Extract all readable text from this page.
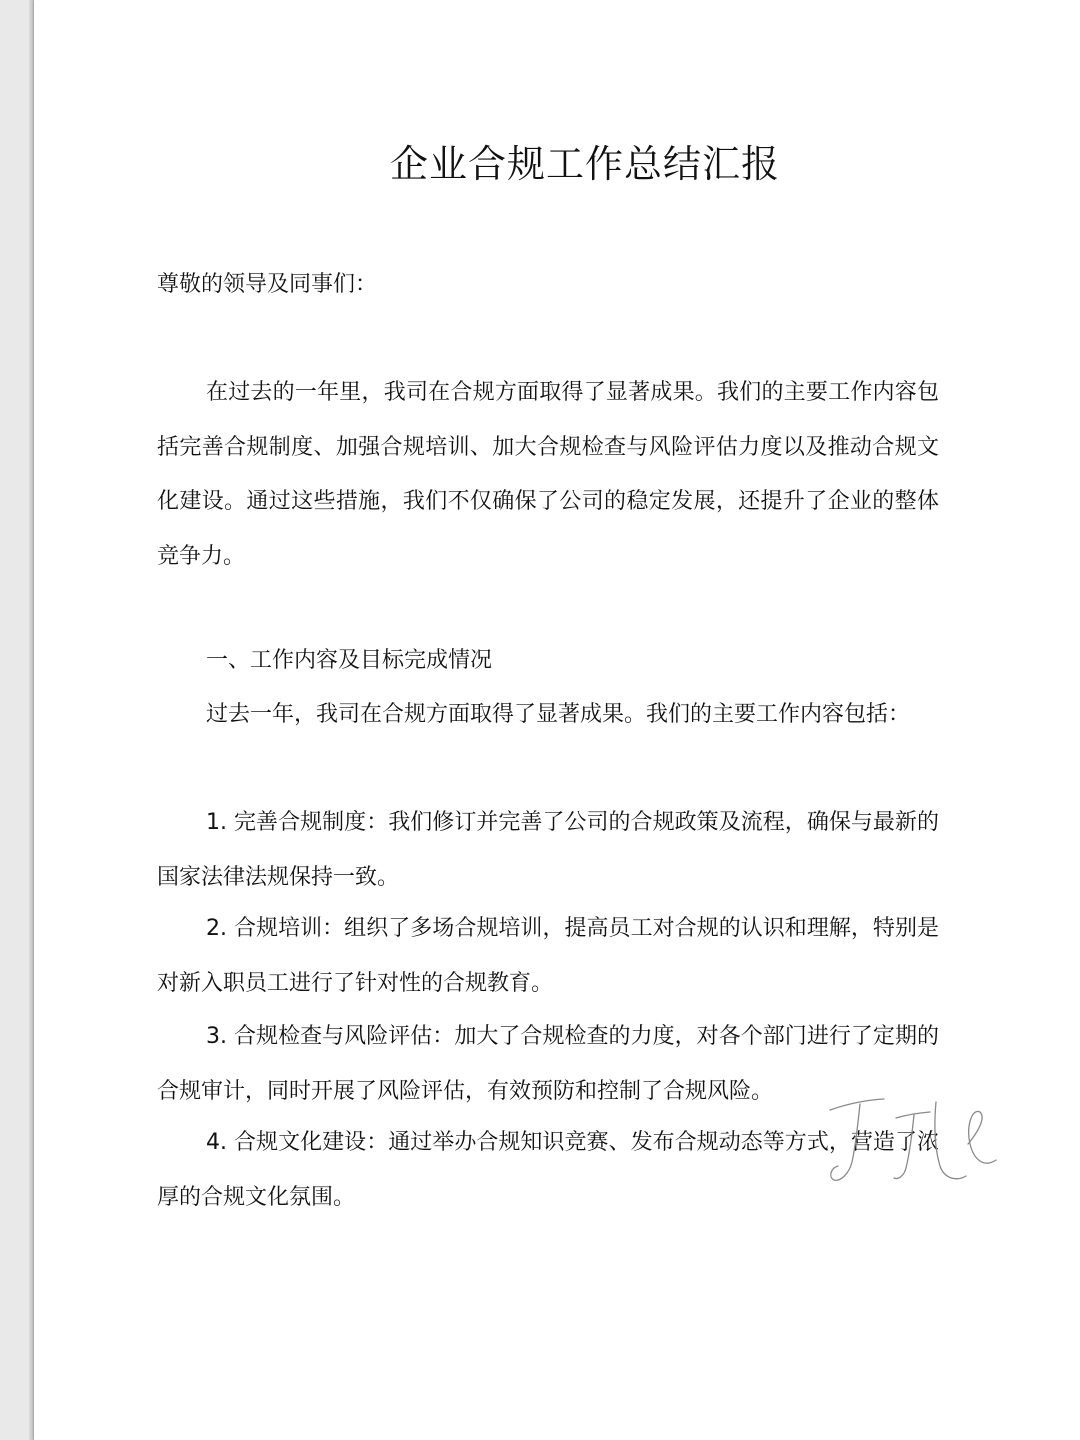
企业合规工作总结汇报
尊敬的领导及同事们：

在过去的一年里，我司在合规方面取得了显著成果。我们的主要工作内容包括完善合规制度、加强合规培训、加大合规检查与风险评估力度以及推动合规文化建设。通过这些措施，我们不仅确保了公司的稳定发展，还提升了企业的整体竞争力。

一、工作内容及目标完成情况

过去一年，我司在合规方面取得了显著成果。我们的主要工作内容包括：

1. 完善合规制度：我们修订并完善了公司的合规政策及流程，确保与最新的国家法律法规保持一致。

2. 合规培训：组织了多场合规培训，提高员工对合规的认识和理解，特别是对新入职员工进行了针对性的合规教育。

3. 合规检查与风险评估：加大了合规检查的力度，对各个部门进行了定期的合规审计，同时开展了风险评估，有效预防和控制了合规风险。

4. 合规文化建设：通过举办合规知识竞赛、发布合规动态等方式，营造了浓厚的合规文化氛围。
